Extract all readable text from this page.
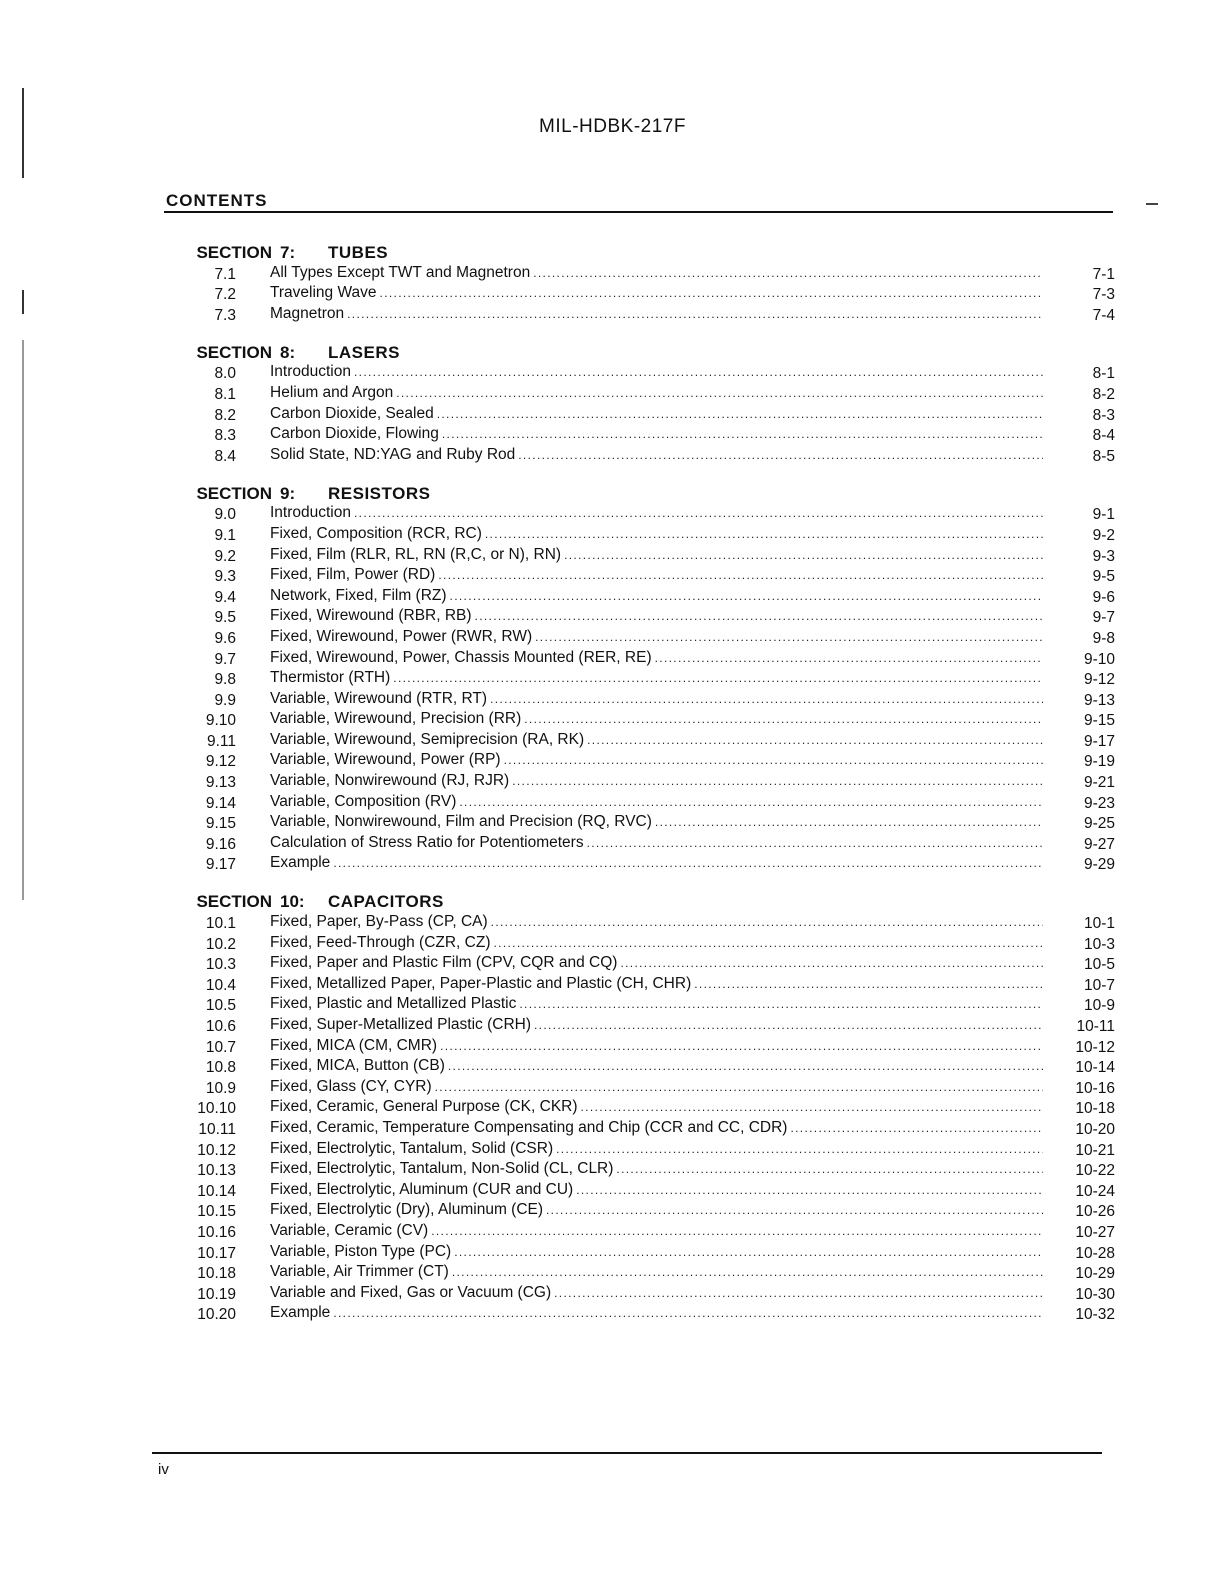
MIL-HDBK-217F
CONTENTS
SECTION 7:	TUBES
7.1	All Types Except TWT and Magnetron . . .	7-1
7.2	Traveling Wave . . .	7-3
7.3	Magnetron . . .	7-4
SECTION 8:	LASERS
8.0	Introduction . . .	8-1
8.1	Helium and Argon . . .	8-2
8.2	Carbon Dioxide, Sealed . . .	8-3
8.3	Carbon Dioxide, Flowing . . .	8-4
8.4	Solid State, ND:YAG and Ruby Rod . . .	8-5
SECTION 9:	RESISTORS
9.0	Introduction . . .	9-1
9.1	Fixed, Composition (RCR, RC) . . .	9-2
9.2	Fixed, Film (RLR, RL, RN (R,C, or N), RN) . . .	9-3
9.3	Fixed, Film, Power (RD) . . .	9-5
9.4	Network, Fixed, Film (RZ) . . .	9-6
9.5	Fixed, Wirewound (RBR, RB) . . .	9-7
9.6	Fixed, Wirewound, Power (RWR, RW) . . .	9-8
9.7	Fixed, Wirewound, Power, Chassis Mounted (RER, RE) . . .	9-10
9.8	Thermistor (RTH) . . .	9-12
9.9	Variable, Wirewound (RTR, RT) . . .	9-13
9.10	Variable, Wirewound, Precision (RR) . . .	9-15
9.11	Variable, Wirewound, Semiprecision (RA, RK) . . .	9-17
9.12	Variable, Wirewound, Power (RP) . . .	9-19
9.13	Variable, Nonwirewound (RJ, RJR) . . .	9-21
9.14	Variable, Composition (RV) . . .	9-23
9.15	Variable, Nonwirewound, Film and Precision (RQ, RVC) . . .	9-25
9.16	Calculation of Stress Ratio for Potentiometers . . .	9-27
9.17	Example . . .	9-29
SECTION 10:	CAPACITORS
10.1	Fixed, Paper, By-Pass (CP, CA) . . .	10-1
10.2	Fixed, Feed-Through (CZR, CZ) . . .	10-3
10.3	Fixed, Paper and Plastic Film (CPV, CQR and CQ) . . .	10-5
10.4	Fixed, Metallized Paper, Paper-Plastic and Plastic (CH, CHR) . . .	10-7
10.5	Fixed, Plastic and Metallized Plastic . . .	10-9
10.6	Fixed, Super-Metallized Plastic (CRH) . . .	10-11
10.7	Fixed, MICA (CM, CMR) . . .	10-12
10.8	Fixed, MICA, Button (CB) . . .	10-14
10.9	Fixed, Glass (CY, CYR) . . .	10-16
10.10	Fixed, Ceramic, General Purpose (CK, CKR) . . .	10-18
10.11	Fixed, Ceramic, Temperature Compensating and Chip (CCR and CC, CDR) . . .	10-20
10.12	Fixed, Electrolytic, Tantalum, Solid (CSR) . . .	10-21
10.13	Fixed, Electrolytic, Tantalum, Non-Solid (CL, CLR) . . .	10-22
10.14	Fixed, Electrolytic, Aluminum (CUR and CU) . . .	10-24
10.15	Fixed, Electrolytic (Dry), Aluminum (CE) . . .	10-26
10.16	Variable, Ceramic (CV) . . .	10-27
10.17	Variable, Piston Type (PC) . . .	10-28
10.18	Variable, Air Trimmer (CT) . . .	10-29
10.19	Variable and Fixed, Gas or Vacuum (CG) . . .	10-30
10.20	Example . . .	10-32
iv
